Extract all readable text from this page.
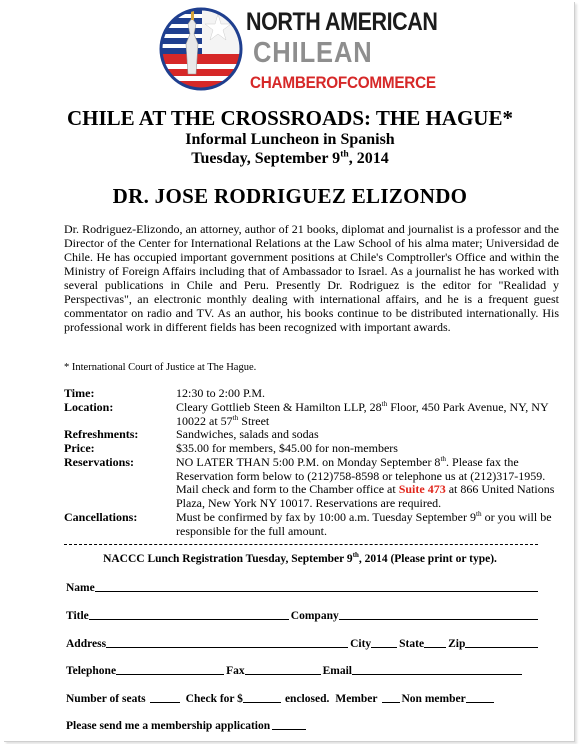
NORTH AMERICAN
CHILEAN
CHAMBEROFCOMMERCE
CHILE AT THE CROSSROADS: THE HAGUE*
Informal Luncheon in Spanish
Tuesday, September 9th, 2014
DR. JOSE RODRIGUEZ ELIZONDO
Dr. Rodriguez-Elizondo, an attorney, author of 21 books, diplomat and journalist is a professor and the Director of the Center for International Relations at the Law School of his alma mater; Universidad de Chile. He has occupied important government positions at Chile's Comptroller's Office and within the Ministry of Foreign Affairs including that of Ambassador to Israel. As a journalist he has worked with several publications in Chile and Peru. Presently Dr. Rodriguez is the editor for "Realidad y Perspectivas", an electronic monthly dealing with international affairs, and he is a frequent guest commentator on radio and TV. As an author, his books continue to be distributed internationally. His professional work in different fields has been recognized with important awards.
* International Court of Justice at The Hague.
Time:	12:30 to 2:00 P.M.
Location:	Cleary Gottlieb Steen & Hamilton LLP, 28th Floor, 450 Park Avenue, NY, NY 10022 at 57th Street
Refreshments:	Sandwiches, salads and sodas
Price:	$35.00 for members, $45.00 for non-members
Reservations:	NO LATER THAN 5:00 P.M. on Monday September 8th. Please fax the Reservation form below to (212)758-8598 or telephone us at (212)317-1959. Mail check and form to the Chamber office at Suite 473 at 866 United Nations Plaza, New York NY 10017. Reservations are required.
Cancellations:	Must be confirmed by fax by 10:00 a.m. Tuesday September 9th or you will be responsible for the full amount.
NACCC Lunch Registration Tuesday, September 9th, 2014 (Please print or type).
Name
Title	Company
Address	City State Zip
Telephone	Fax	Email
Number of seats	Check for $	enclosed. Member Non member
Please send me a membership application
